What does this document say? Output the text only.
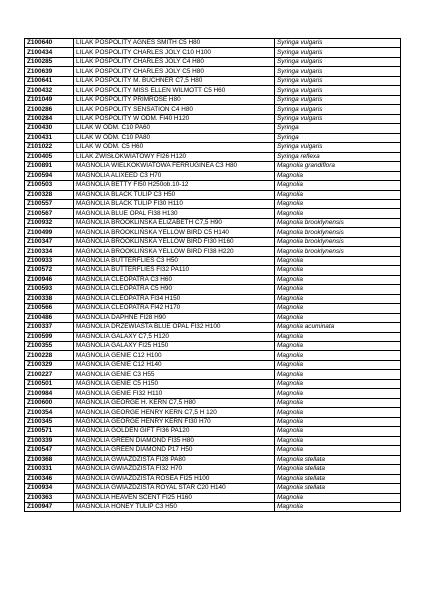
Z100640	LILAK POSPOLITY AGNES SMITH C5 H80	Syringa vulgaris
Z100434	LILAK POSPOLITY CHARLES JOLY C10 H100	Syringa vulgaris
Z100285	LILAK POSPOLITY CHARLES JOLY C4 H80	Syringa vulgaris
Z100639	LILAK POSPOLITY CHARLES JOLY C5 H80	Syringa vulgaris
Z100641	LILAK POSPOLITY M. BUCHNER C7,5 H80	Syringa vulgaris
Z100432	LILAK POSPOLITY MISS ELLEN WILMOTT C5 H60	Syringa vulgaris
Z101049	LILAK POSPOLITY PRIMROSE H80	Syringa vulgaris
Z100286	LILAK POSPOLITY SENSATION C4 H80	Syringa vulgaris
Z100284	LILAK POSPOLITY W ODM. FI40 H120	Syringa vulgaris
Z100430	LILAK W ODM. C10 PA60	Syringa
Z100431	LILAK W ODM. C10 PA80	Syringa
Z101022	LILAK W ODM. C5 H60	Syringa vulgaris
Z100405	LILAK ZWISŁOKWIATOWY FI26 H120	Syringa reflexa
Z100891	MAGNOLIA WIELKOKWIATOWA FERRUGINEA C3 H80	Magnolia grandiflora
Z100594	MAGNOLIA ALIXEED C3 H70	Magnolia
Z100503	MAGNOLIA BETTY FI50 H250ob.10-12	Magnolia
Z100328	MAGNOLIA BLACK TULIP C3 H50	Magnolia
Z100557	MAGNOLIA BLACK TULIP FI30 H110	Magnolia
Z100567	MAGNOLIA BLUE OPAL FI38 H130	Magnolia
Z100932	MAGNOLIA BROOKLIŃSKA ELIZABETH C7,5 H90	Magnolia brooklynensis
Z100499	MAGNOLIA BROOKLIŃSKA YELLOW BIRD C5 H140	Magnolia brooklynensis
Z100347	MAGNOLIA BROOKLIŃSKA YELLOW BIRD FI30 H160	Magnolia brooklynensis
Z100334	MAGNOLIA BROOKLIŃSKA YELLOW BIRD FI38 H220	Magnolia brooklynensis
Z100933	MAGNOLIA BUTTERFLIES C3 H50	Magnolia
Z100572	MAGNOLIA BUTTERFLIES FI32 PA110	Magnolia
Z100946	MAGNOLIA CLEOPATRA C3 H60	Magnolia
Z100593	MAGNOLIA CLEOPATRA C5 H90	Magnolia
Z100338	MAGNOLIA CLEOPATRA FI34 H150	Magnolia
Z100566	MAGNOLIA CLEOPATRA FI42 H170	Magnolia
Z100486	MAGNOLIA DAPHNE FI28 H90	Magnolia
Z100337	MAGNOLIA DRZEWIASTA BLUE OPAL FI32 H100	Magnolia acuminata
Z100599	MAGNOLIA GALAXY C7,5 H120	Magnolia
Z100355	MAGNOLIA GALAXY FI25 H150	Magnolia
Z100228	MAGNOLIA GENIE C12 H100	Magnolia
Z100329	MAGNOLIA GENIE C12 H140	Magnolia
Z100227	MAGNOLIA GENIE C3 H55	Magnolia
Z100501	MAGNOLIA GENIE C5 H150	Magnolia
Z100984	MAGNOLIA GENIE FI32 H110	Magnolia
Z100600	MAGNOLIA GEORGE H. KERN C7,5 H80	Magnolia
Z100354	MAGNOLIA GEORGE HENRY KERN C7,5 H 120	Magnolia
Z100345	MAGNOLIA GEORGE HENRY KERN FI30 H70	Magnolia
Z100571	MAGNOLIA GOLDEN GIFT FI36 PA120	Magnolia
Z100339	MAGNOLIA GREEN DIAMOND FI35 H80	Magnolia
Z100547	MAGNOLIA GREEN DIAMOND P17 H50	Magnolia
Z100368	MAGNOLIA GWIAŹDZISTA FI28 PA80	Magnolia stellata
Z100331	MAGNOLIA GWIAŹDZISTA FI32 H70	Magnolia stellata
Z100346	MAGNOLIA GWIAŹDZISTA ROSEA FI25 H100	Magnolia stellata
Z100934	MAGNOLIA GWIAŹDZISTA ROYAL STAR C20 H140	Magnolia stellata
Z100363	MAGNOLIA HEAVEN SCENT FI25 H160	Magnolia
Z100947	MAGNOLIA HONEY TULIP C3 H50	Magnolia
